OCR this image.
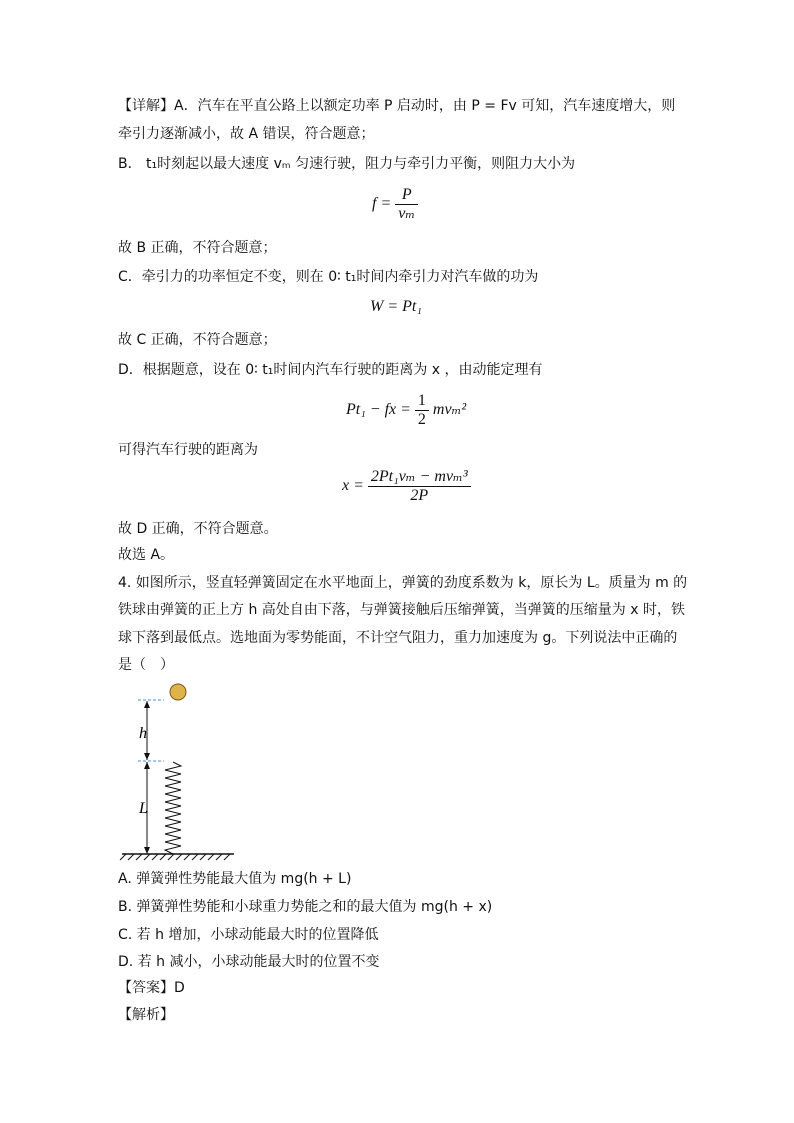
【详解】A．汽车在平直公路上以额定功率 P 启动时，由 P = Fv 可知，汽车速度增大，则
牵引力逐渐减小，故 A 错误，符合题意；
B． t₁时刻起以最大速度 vₘ 匀速行驶，阻力与牵引力平衡，则阻力大小为
$f = \frac{P}{\text{vₘ}}$
故 B 正确，不符合题意；
C．牵引力的功率恒定不变，则在 0∶ t₁时间内牵引力对汽车做的功为
W = Pt₁
故 C 正确，不符合题意；
D．根据题意，设在 0∶ t₁时间内汽车行驶的距离为 x ，由动能定理有
Pt₁ − fx = $\frac{1}{2} mv_m^2$
可得汽车行驶的距离为
$x = \frac{\text{2Pt₁vₘ − mvₘ³}}{2P}$
故 D 正确，不符合题意。
故选 A。
4. 如图所示，竖直轻弹簧固定在水平地面上，弹簧的劲度系数为 k，原长为 L。质量为 m 的
铁球由弹簧的正上方 h 高处自由下落，与弹簧接触后压缩弹簧，当弹簧的压缩量为 x 时，铁
球下落到最低点。选地面为零势能面，不计空气阻力，重力加速度为 g。下列说法中正确的
是（　）
h
L
A. 弹簧弹性势能最大值为 mg(h + L)
B. 弹簧弹性势能和小球重力势能之和的最大值为 mg(h + x)
C. 若 h 增加，小球动能最大时的位置降低
D. 若 h 减小，小球动能最大时的位置不变
【答案】D
【解析】
